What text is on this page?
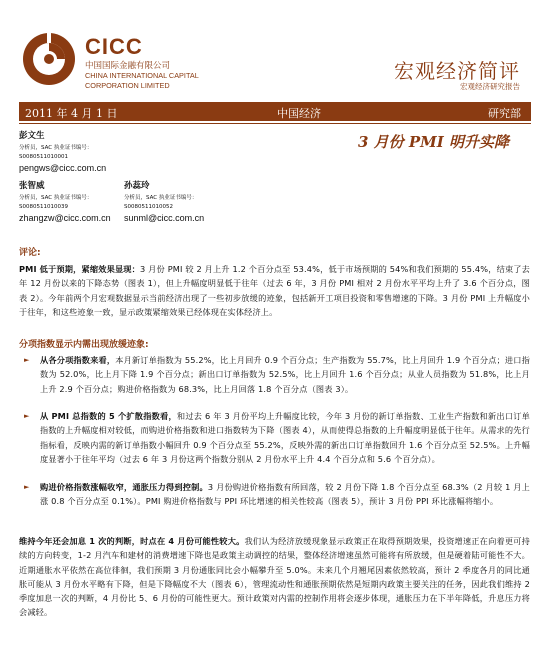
CICC
中国国际金融有限公司
CHINA INTERNATIONAL CAPITAL CORPORATION LIMITED
宏观经济简评
宏观经济研究报告
2011 年 4 月 1 日	中国经济	研究部
彭文生
分析员，SAC 执业证书编号：
S0080511010001
pengws@cicc.com.cn
张智威
分析员，SAC 执业证书编号：
S0080511010039
zhangzw@cicc.com.cn
孙蕊玲
分析员，SAC 执业证书编号：
S0080511010052
sunml@cicc.com.cn
3 月份 PMI 明升实降
评论:
PMI 低于预期，紧缩效果显现：3 月份 PMI 较 2 月上升 1.2 个百分点至 53.4%，低于市场预期的 54%和我们预期的 55.4%，结束了去年 12 月份以来的下降态势（图表 1），但上升幅度明显低于往年（过去 6 年，3 月份 PMI 相对 2 月份水平平均上升了 3.6 个百分点，图表 2）。今年前两个月宏观数据显示当前经济出现了一些初步放缓的迹象，包括新开工项目投资和零售增速的下降。3 月份 PMI 上升幅度小于往年，和这些迹象一致，显示政策紧缩效果已经体现在实体经济上。
分项指数显示内需出现放缓迹象:
► 从各分项指数来看，本月新订单指数为 55.2%，比上月回升 0.9 个百分点；生产指数为 55.7%，比上月回升 1.9 个百分点；进口指数为 52.0%，比上月下降 1.9 个百分点；新出口订单指数为 52.5%，比上月回升 1.6 个百分点；从业人员指数为 51.8%，比上月上升 2.9 个百分点；购进价格指数为 68.3%，比上月回落 1.8 个百分点（图表 3）。
► 从 PMI 总指数的 5 个扩散指数看，和过去 6 年 3 月份平均上升幅度比较，今年 3 月份的新订单指数、工业生产指数和新出口订单指数的上升幅度相对较低，而购进价格指数和进口指数转为下降（图表 4），从而使得总指数的上升幅度明显低于往年。从需求的先行指标看，反映内需的新订单指数小幅回升 0.9 个百分点至 55.2%，反映外需的新出口订单指数回升 1.6 个百分点至 52.5%。上升幅度显著小于往年平均（过去 6 年 3 月份这两个指数分别从 2 月份水平上升 4.4 个百分点和 5.6 个百分点）。
► 购进价格指数涨幅收窄，通胀压力得到控制。3 月份购进价格指数有所回落，较 2 月份下降 1.8 个百分点至 68.3%（2 月较 1 月上涨 0.8 个百分点至 0.1%）。PMI 购进价格指数与 PPI 环比增速的相关性较高（图表 5），预计 3 月份 PPI 环比涨幅将缩小。
维持今年还会加息 1 次的判断，时点在 4 月份可能性较大。我们认为经济放缓现象显示政策正在取得预期效果，投资增速正在向着更可持续的方向转变，1-2 月汽车和建材的消费增速下降也是政策主动调控的结果，整体经济增速虽然可能将有所放缓，但是硬着陆可能性不大。近期通胀水平依然在高位徘徊，我们预期 3 月份通胀同比会小幅攀升至 5.0%。未来几个月翘尾因素依然较高，预计 2 季度各月的同比通胀可能从 3 月份水平略有下降，但是下降幅度不大（图表 6），管理流动性和通胀预期依然是短期内政策主要关注的任务，因此我们维持 2 季度加息一次的判断，4 月份比 5、6 月份的可能性更大。预计政策对内需的控制作用将会逐步体现，通胀压力在下半年降低，升息压力将会减轻。
